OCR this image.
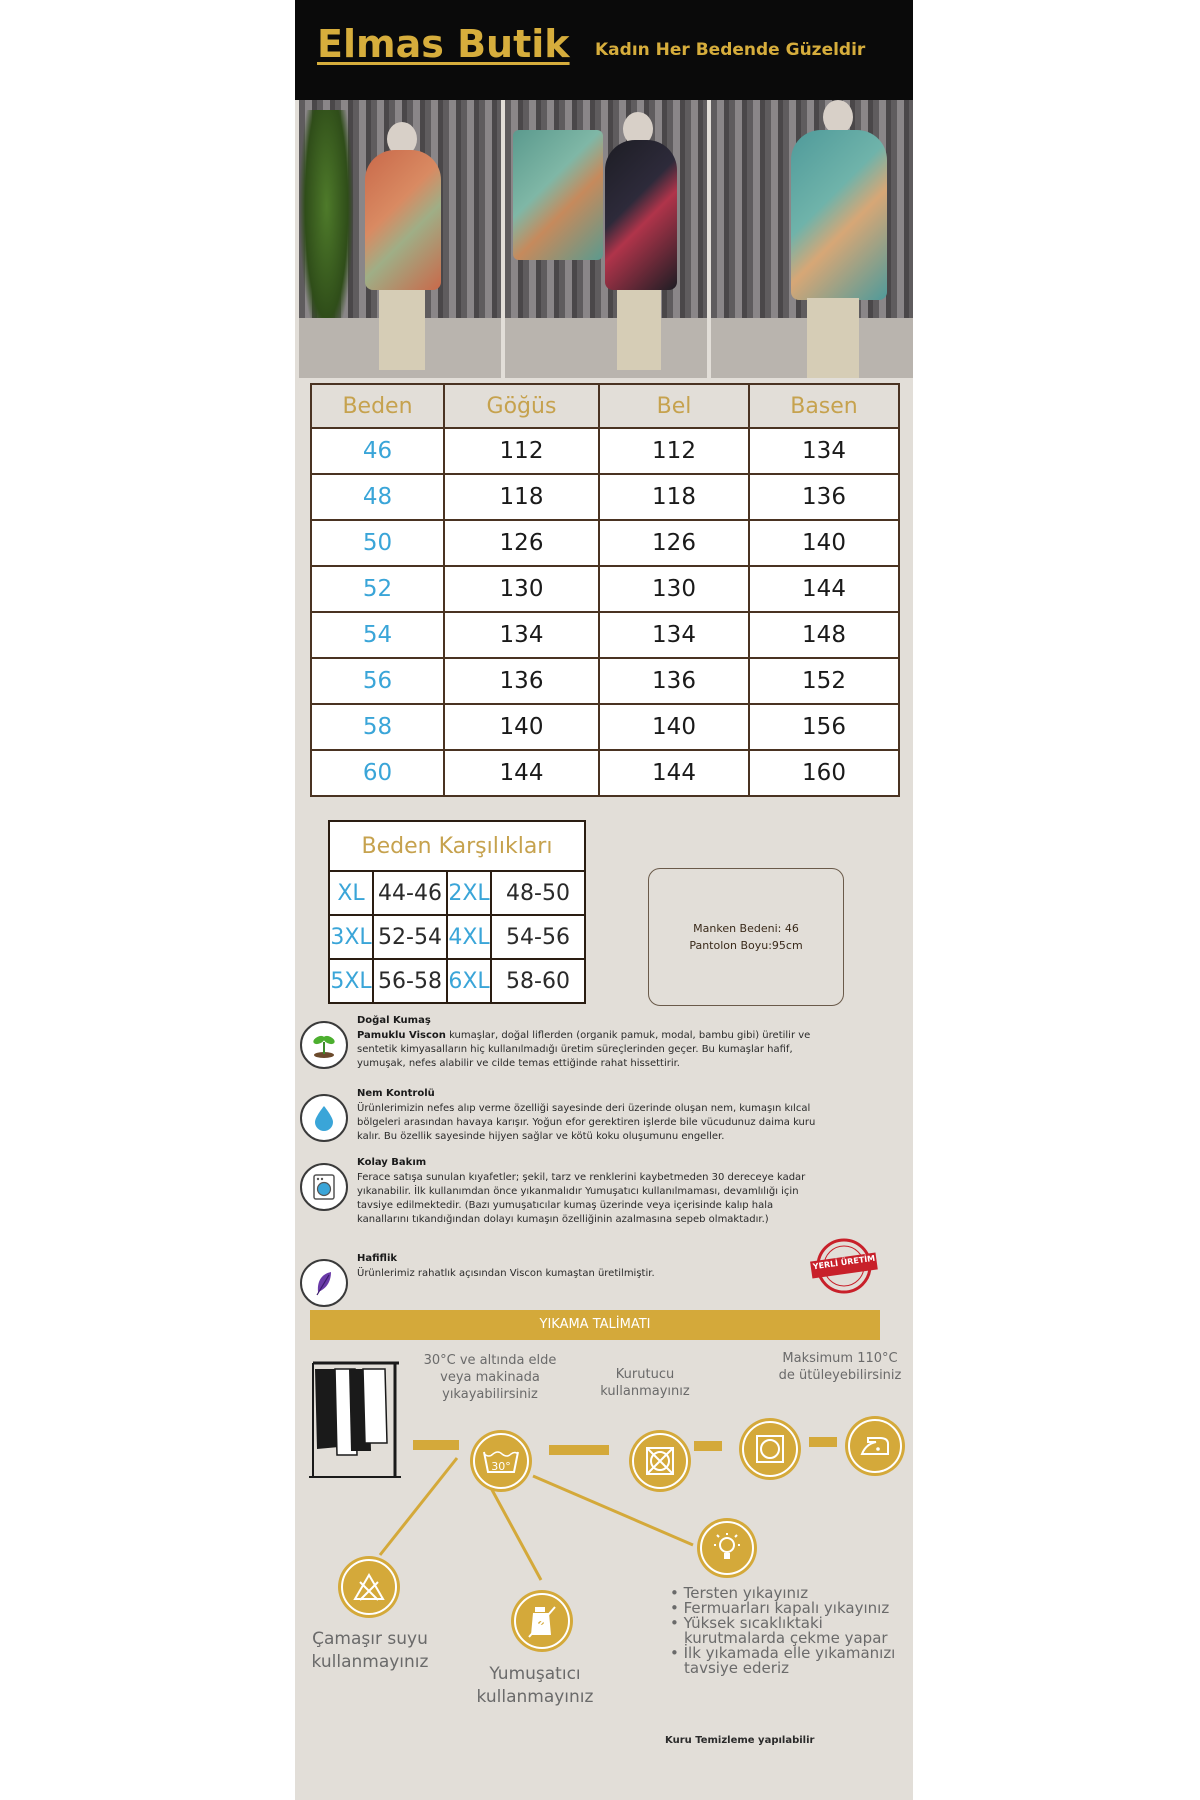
Elmas Butik Kadın Her Bedende Güzeldir
Beden	Göğüs	Bel	Basen
46	112	112	134
48	118	118	136
50	126	126	140
52	130	130	144
54	134	134	148
56	136	136	152
58	140	140	156
60	144	144	160
Beden Karşılıkları			
XL	44-46	2XL	48-50
3XL	52-54	4XL	54-56
5XL	56-58	6XL	58-60
Manken Bedeni: 46
Pantolon Boyu:95cm
Doğal Kumaş
Pamuklu Viscon kumaşlar, doğal liflerden (organik pamuk, modal, bambu gibi) üretilir ve sentetik kimyasalların hiç kullanılmadığı üretim süreçlerinden geçer. Bu kumaşlar hafif, yumuşak, nefes alabilir ve cilde temas ettiğinde rahat hissettirir.
Nem Kontrolü
Ürünlerimizin nefes alıp verme özelliği sayesinde deri üzerinde oluşan nem, kumaşın kılcal bölgeleri arasından havaya karışır. Yoğun efor gerektiren işlerde bile vücudunuz daima kuru kalır. Bu özellik sayesinde hijyen sağlar ve kötü koku oluşumunu engeller.
Kolay Bakım
Ferace satışa sunulan kıyafetler; şekil, tarz ve renklerini kaybetmeden 30 dereceye kadar yıkanabilir. İlk kullanımdan önce yıkanmalıdır Yumuşatıcı kullanılmaması, devamlılığı için tavsiye edilmektedir. (Bazı yumuşatıcılar kumaş üzerinde veya içerisinde kalıp hala kanallarını tıkandığından dolayı kumaşın özelliğinin azalmasına sepeb olmaktadır.)
Hafiflik
Ürünlerimiz rahatlık açısından Viscon kumaştan üretilmiştir.
YERLİ ÜRETİM
YIKAMA TALİMATI
30°C ve altında elde veya makinada yıkayabilirsiniz
Kurutucu kullanmayınız
Maksimum 110°C de ütüleyebilirsiniz
30°
Çamaşır suyu kullanmayınız
Yumuşatıcı kullanmayınız
• Tersten yıkayınız
• Fermuarları kapalı yıkayınız
• Yüksek sıcaklıktaki kurutmalarda çekme yapar
• İlk yıkamada elle yıkamanızı tavsiye ederiz
Kuru Temizleme yapılabilir
